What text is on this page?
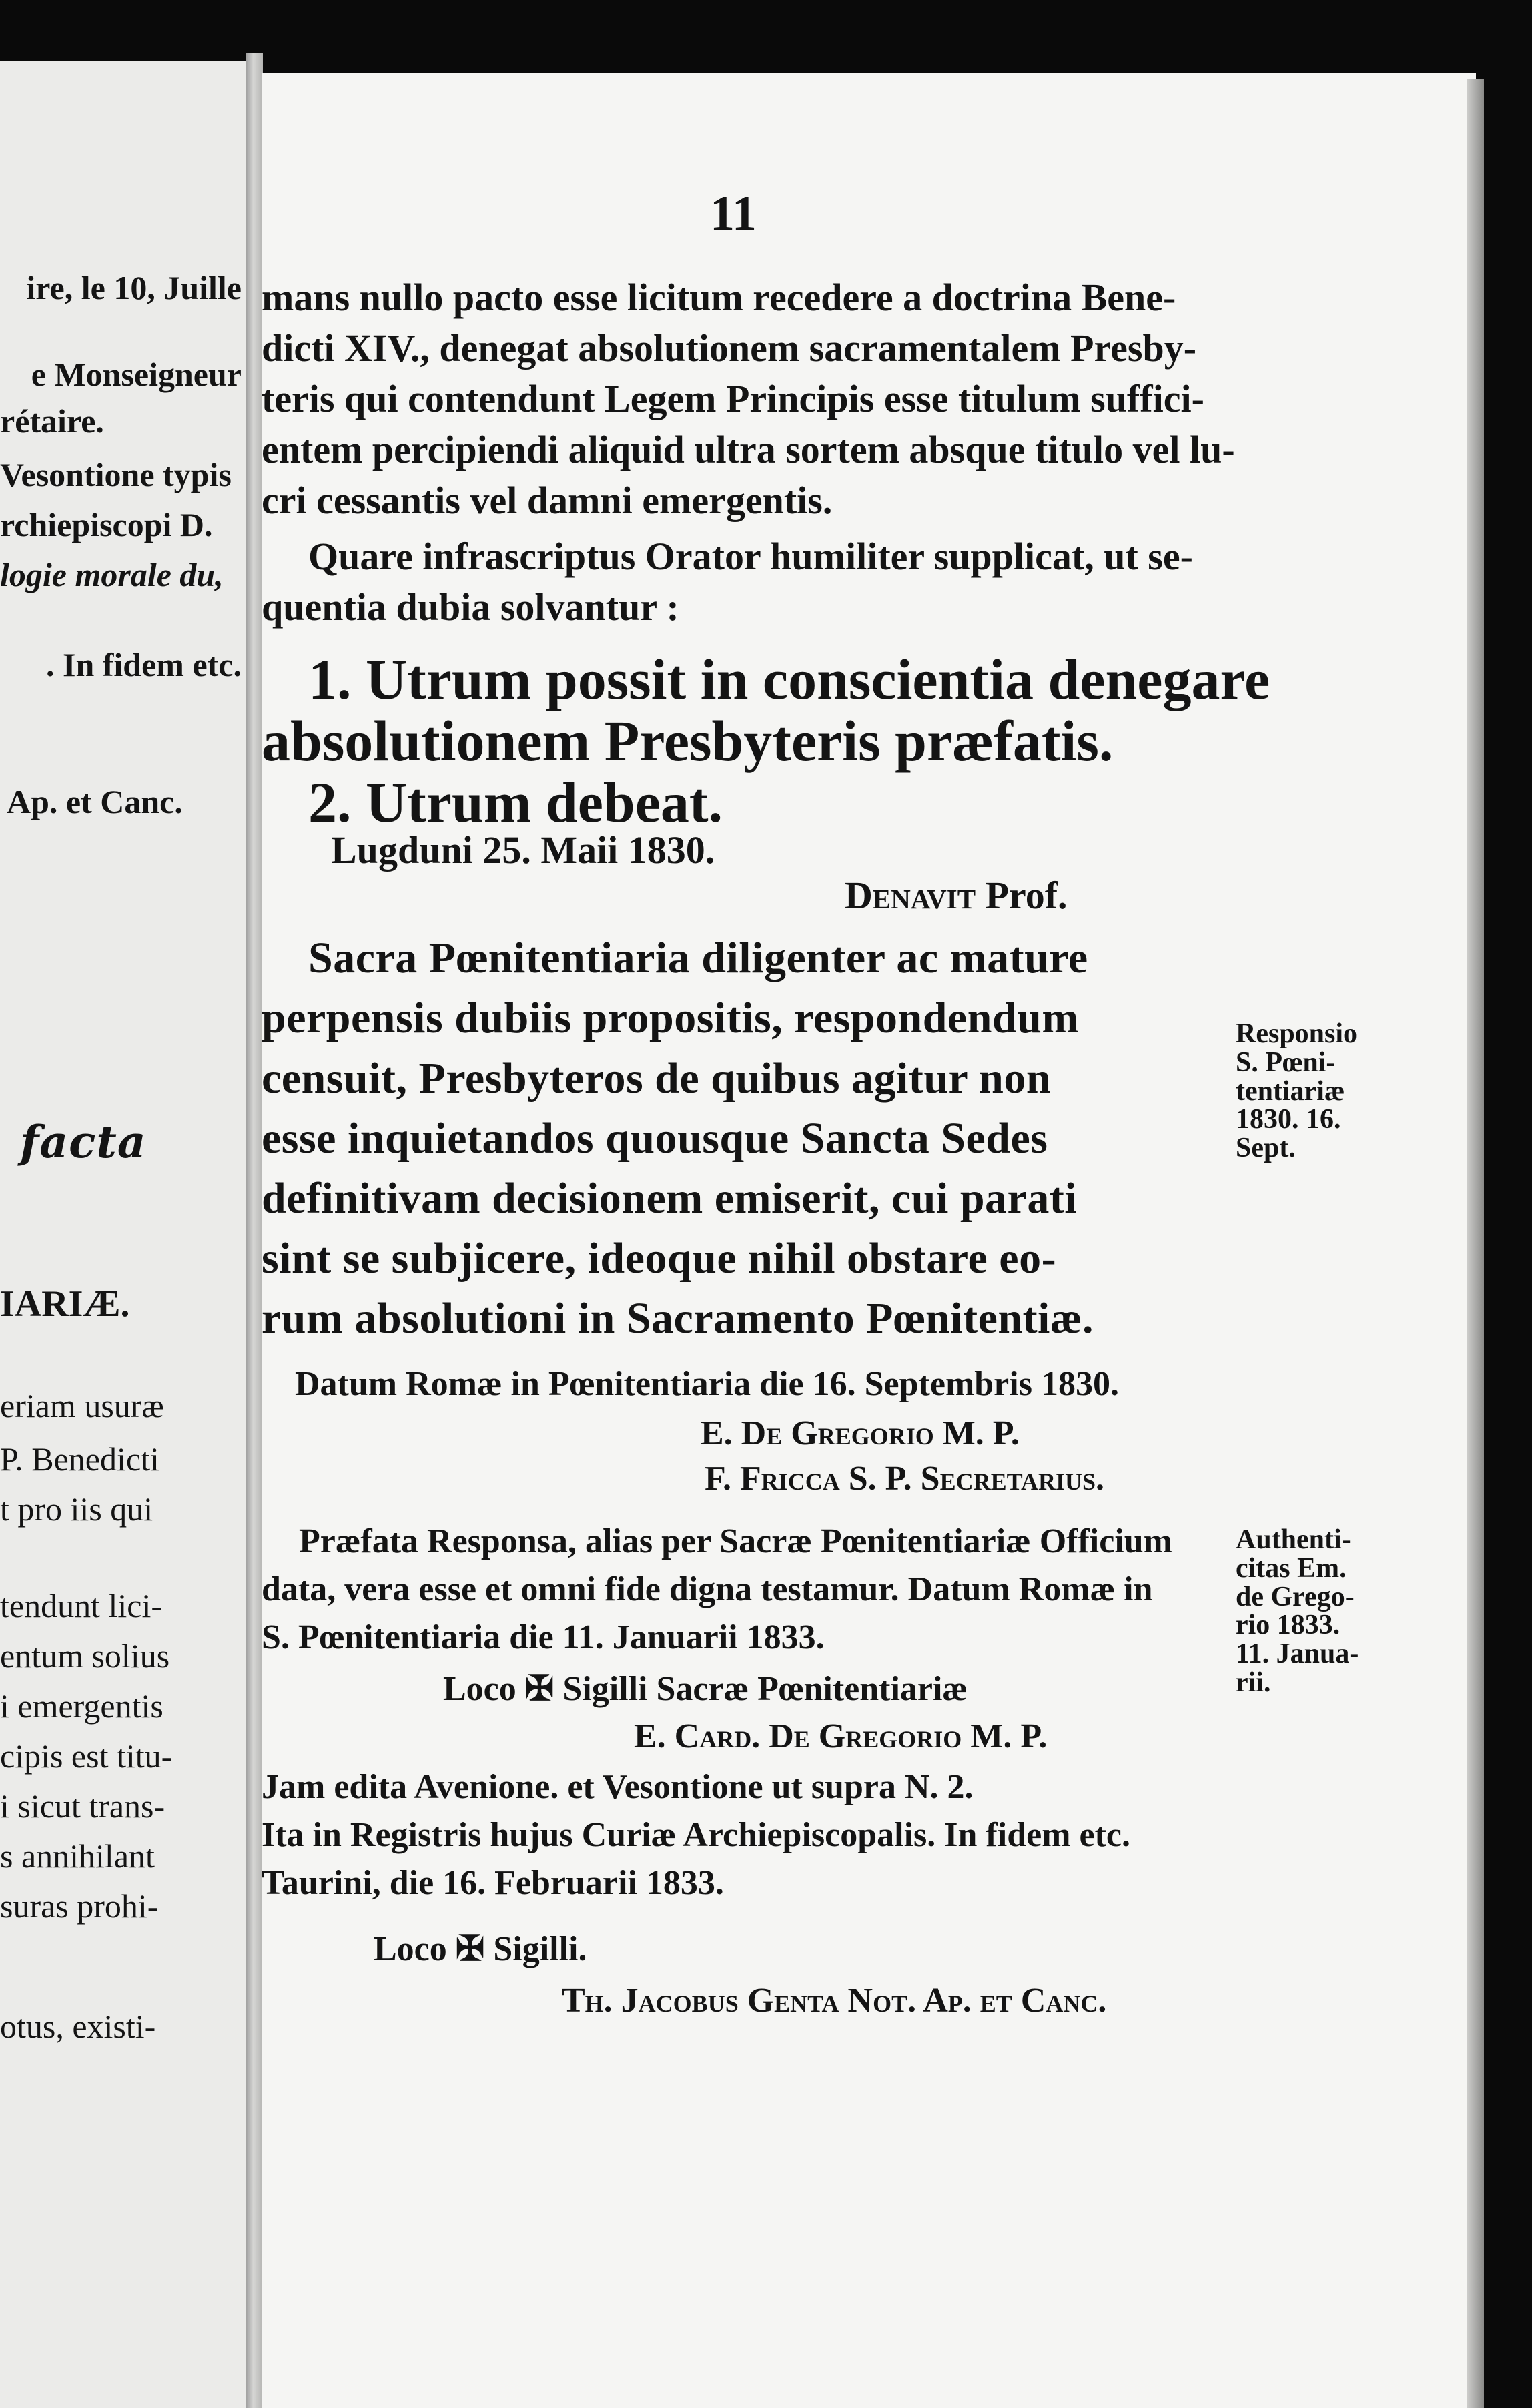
ire, le 10, Juille
e Monseigneur
rétaire.
Vesontione typis
rchiepiscopi D.
logie morale du,
. In fidem etc.
Ap. et Canc.
facta
IARIÆ.
eriam usuræ
P. Benedicti
t pro iis qui
tendunt lici-
entum solius
i emergentis
cipis est titu-
i sicut trans-
s annihilant
suras prohi-
otus, existi-
11
mans nullo pacto esse licitum recedere a doctrina Bene-
dicti XIV., denegat absolutionem sacramentalem Presby-
teris qui contendunt Legem Principis esse titulum suffici-
entem percipiendi aliquid ultra sortem absque titulo vel lu-
cri cessantis vel damni emergentis.
Quare infrascriptus Orator humiliter supplicat, ut se-
quentia dubia solvantur :
1. Utrum possit in conscientia denegare
absolutionem Presbyteris præfatis.
2. Utrum debeat.
Lugduni 25. Maii 1830.
Denavit Prof.
Sacra Pœnitentiaria diligenter ac mature
perpensis dubiis propositis, respondendum
censuit, Presbyteros de quibus agitur non
esse inquietandos quousque Sancta Sedes
definitivam decisionem emiserit, cui parati
sint se subjicere, ideoque nihil obstare eo-
rum absolutioni in Sacramento Pœnitentiæ.
Datum Romæ in Pœnitentiaria die 16. Septembris 1830.
E. De Gregorio M. P.
F. Fricca S. P. Secretarius.
Præfata Responsa, alias per Sacræ Pœnitentiariæ Officium
data, vera esse et omni fide digna testamur. Datum Romæ in
S. Pœnitentiaria die 11. Januarii 1833.
Loco ✠ Sigilli Sacræ Pœnitentiariæ
E. Card. De Gregorio M. P.
Jam edita Avenione. et Vesontione ut supra N. 2.
Ita in Registris hujus Curiæ Archiepiscopalis. In fidem etc.
Taurini, die 16. Februarii 1833.
Loco ✠ Sigilli.
Th. Jacobus Genta Not. Ap. et Canc.
Responsio
S. Pœni-
tentiariæ
1830. 16.
Sept.
Authenti-
citas Em.
de Grego-
rio 1833.
11. Janua-
rii.
